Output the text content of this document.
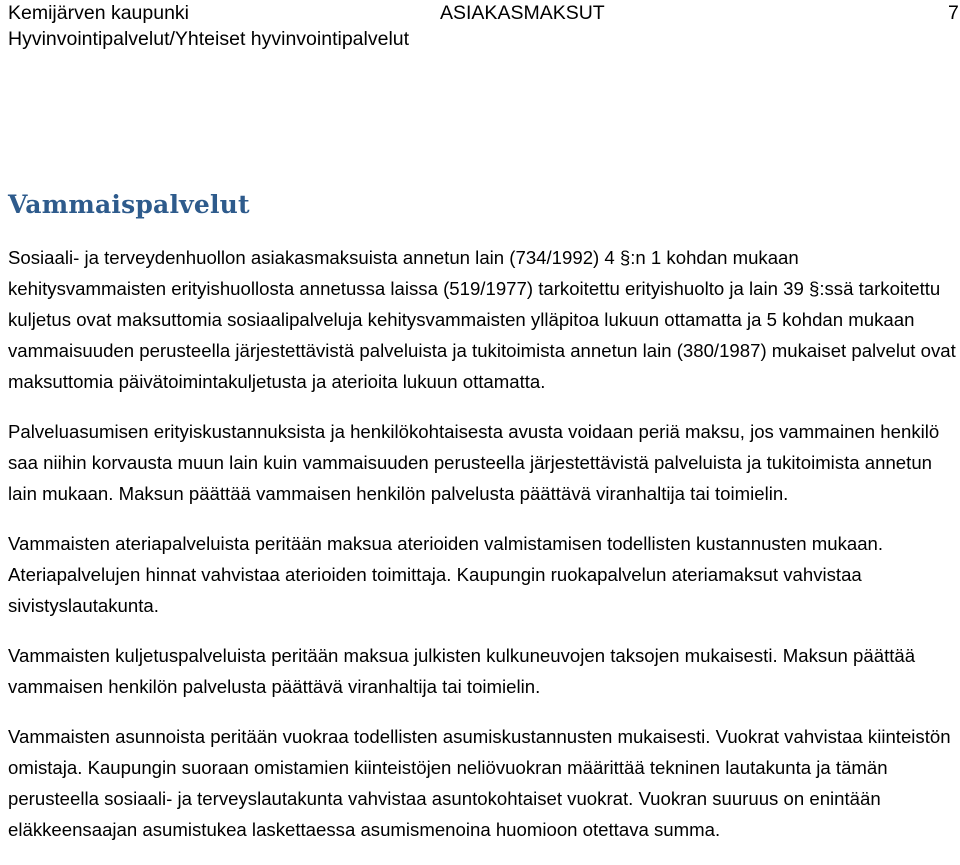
Kemijärven kaupunki	ASIAKASMAKSUT	7
Hyvinvointipalvelut/Yhteiset hyvinvointipalvelut
Vammaispalvelut

Sosiaali- ja terveydenhuollon asiakasmaksuista annetun lain (734/1992) 4 §:n 1 kohdan mukaan kehitysvammaisten erityishuollosta annetussa laissa (519/1977) tarkoitettu erityishuolto ja lain 39 §:ssä tarkoitettu kuljetus ovat maksuttomia sosiaalipalveluja kehitysvammaisten ylläpitoa lukuun ottamatta ja 5 kohdan mukaan vammaisuuden perusteella järjestettävistä palveluista ja tukitoimista annetun lain (380/1987) mukaiset palvelut ovat maksuttomia päivätoimintakuljetusta ja aterioita lukuun ottamatta.

Palveluasumisen erityiskustannuksista ja henkilökohtaisesta avusta voidaan periä maksu, jos vammainen henkilö saa niihin korvausta muun lain kuin vammaisuuden perusteella järjestettävistä palveluista ja tukitoimista annetun lain mukaan. Maksun päättää vammaisen henkilön palvelusta päättävä viranhaltija tai toimielin.

Vammaisten ateriapalveluista peritään maksua aterioiden valmistamisen todellisten kustannusten mukaan. Ateriapalvelujen hinnat vahvistaa aterioiden toimittaja. Kaupungin ruokapalvelun ateriamaksut vahvistaa sivistyslautakunta.

Vammaisten kuljetuspalveluista peritään maksua julkisten kulkuneuvojen taksojen mukaisesti. Maksun päättää vammaisen henkilön palvelusta päättävä viranhaltija tai toimielin.

Vammaisten asunnoista peritään vuokraa todellisten asumiskustannusten mukaisesti. Vuokrat vahvistaa kiinteistön omistaja. Kaupungin suoraan omistamien kiinteistöjen neliövuokran määrittää tekninen lautakunta ja tämän perusteella sosiaali- ja terveyslautakunta vahvistaa asuntokohtaiset vuokrat. Vuokran suuruus on enintään eläkkeensaajan asumistukea laskettaessa asumismenoina huomioon otettava summa.
